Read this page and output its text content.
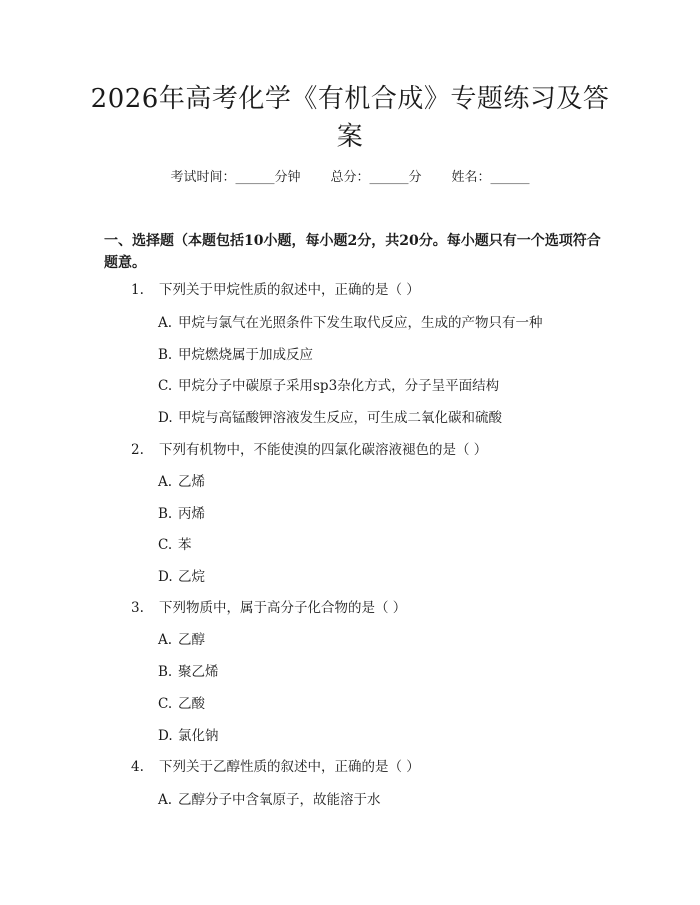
2026年高考化学《有机合成》专题练习及答案
考试时间：______分钟 总分：______分 姓名：______
一、选择题（本题包括10小题，每小题2分，共20分。每小题只有一个选项符合题意。
1. 下列关于甲烷性质的叙述中，正确的是（ ）
A. 甲烷与氯气在光照条件下发生取代反应，生成的产物只有一种
B. 甲烷燃烧属于加成反应
C. 甲烷分子中碳原子采用sp3杂化方式，分子呈平面结构
D. 甲烷与高锰酸钾溶液发生反应，可生成二氧化碳和硫酸
2. 下列有机物中，不能使溴的四氯化碳溶液褪色的是（ ）
A. 乙烯
B. 丙烯
C. 苯
D. 乙烷
3. 下列物质中，属于高分子化合物的是（ ）
A. 乙醇
B. 聚乙烯
C. 乙酸
D. 氯化钠
4. 下列关于乙醇性质的叙述中，正确的是（ ）
A. 乙醇分子中含氧原子，故能溶于水
